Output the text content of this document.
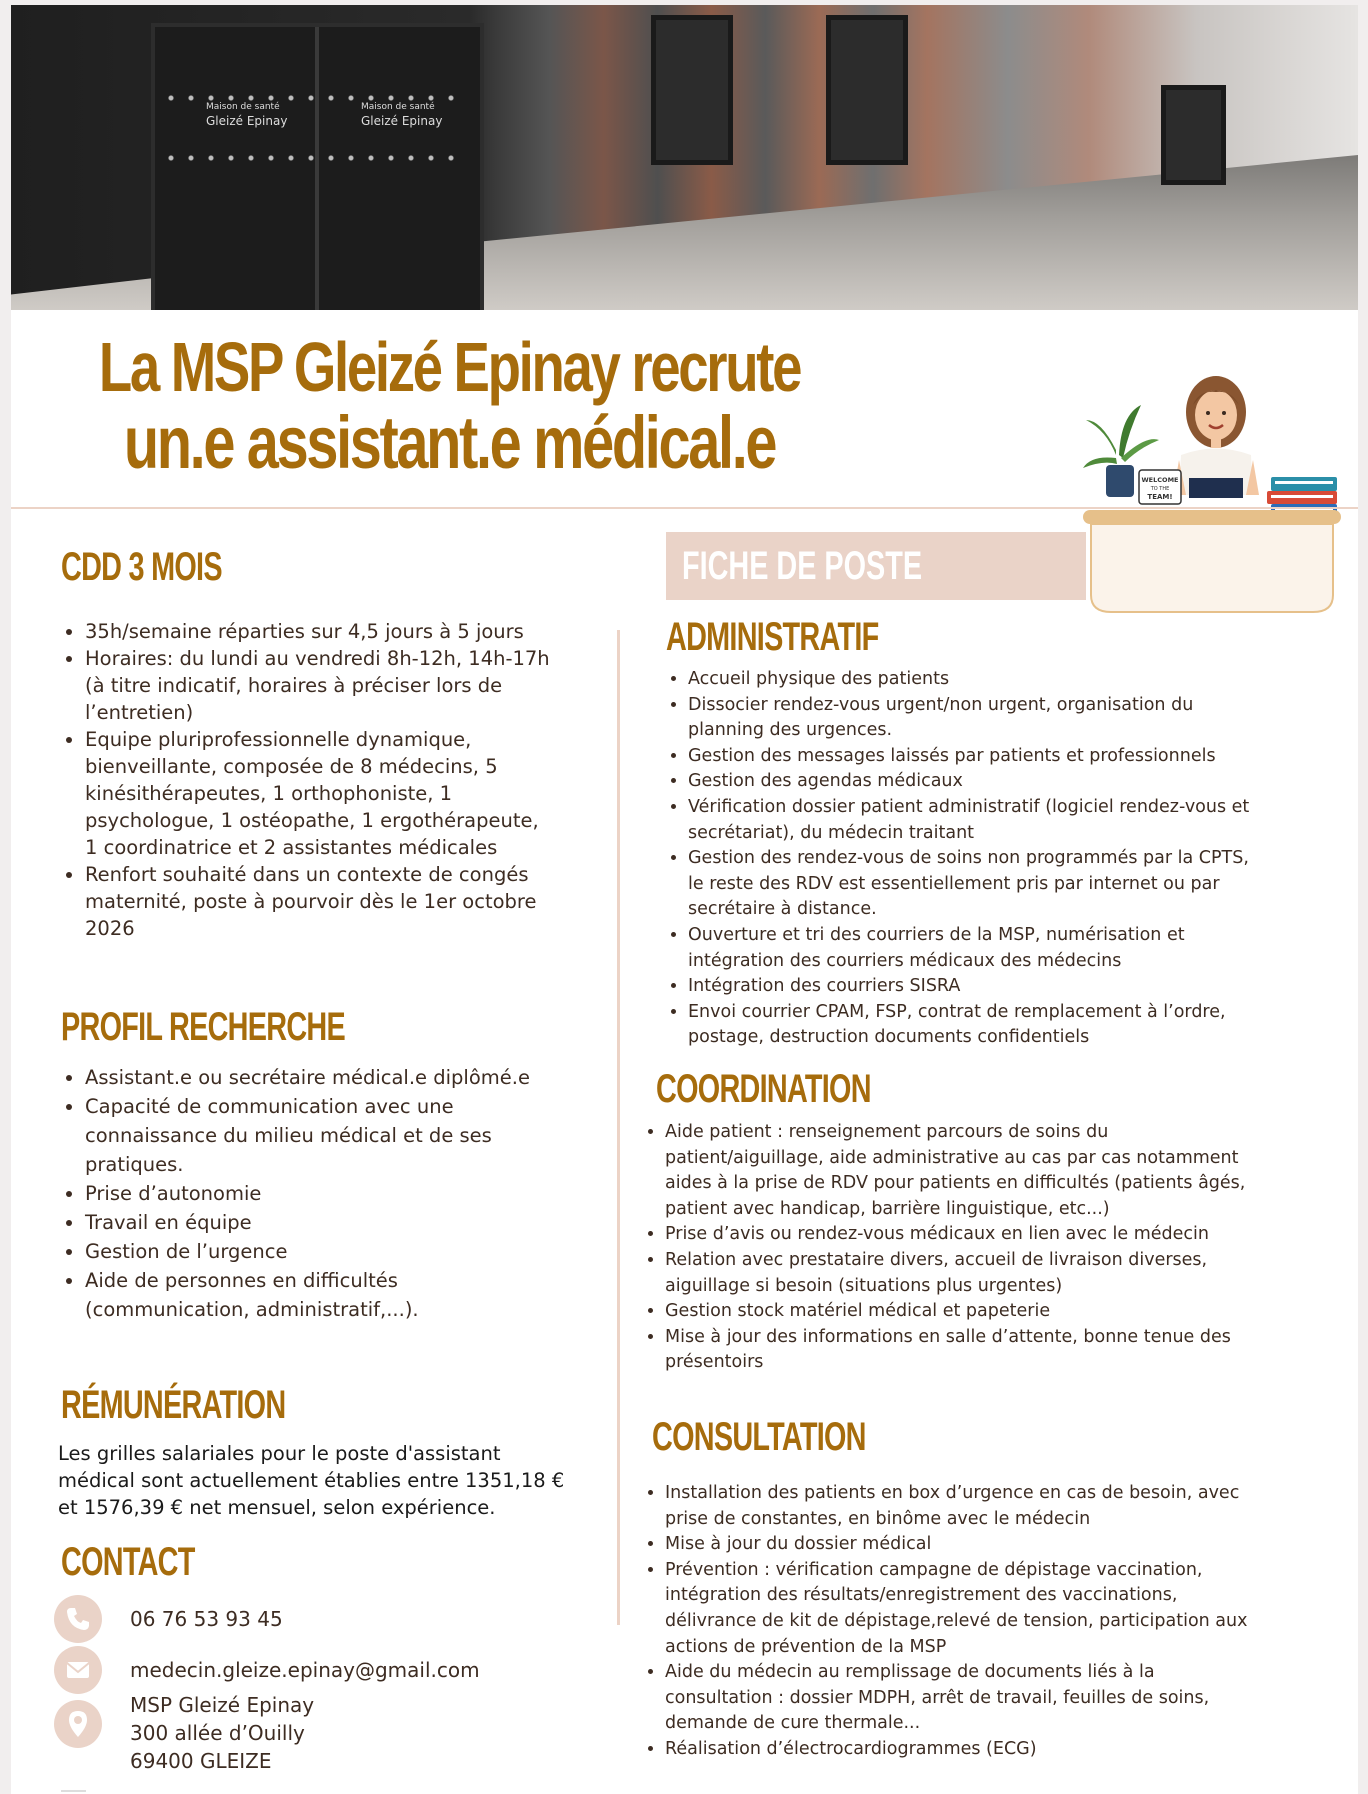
Maison de santé
Gleizé Epinay
Maison de santé
Gleizé Epinay
La MSP Gleizé Epinay recrute
un.e assistant.e médical.e	WELCOME
TO THE
TEAM!
CDD 3 MOIS
• 35h/semaine réparties sur 4,5 jours à 5 jours
• Horaires: du lundi au vendredi 8h-12h, 14h-17h (à titre indicatif, horaires à préciser lors de l’entretien)
• Equipe pluriprofessionnelle dynamique, bienveillante, composée de 8 médecins, 5 kinésithérapeutes, 1 orthophoniste, 1 psychologue, 1 ostéopathe, 1 ergothérapeute, 1 coordinatrice et 2 assistantes médicales
• Renfort souhaité dans un contexte de congés maternité, poste à pourvoir dès le 1er octobre 2026
PROFIL RECHERCHE
• Assistant.e ou secrétaire médical.e diplômé.e
• Capacité de communication avec une connaissance du milieu médical et de ses pratiques.
• Prise d’autonomie
• Travail en équipe
• Gestion de l’urgence
• Aide de personnes en difficultés (communication, administratif,...).
RÉMUNÉRATION
Les grilles salariales pour le poste d'assistant médical sont actuellement établies entre 1351,18 € et 1576,39 € net mensuel, selon expérience.
CONTACT
06 76 53 93 45
medecin.gleize.epinay@gmail.com
MSP Gleizé Epinay
300 allée d’Ouilly
69400 GLEIZE
FICHE DE POSTE
ADMINISTRATIF
• Accueil physique des patients
• Dissocier rendez-vous urgent/non urgent, organisation du planning des urgences.
• Gestion des messages laissés par patients et professionnels
• Gestion des agendas médicaux
• Vérification dossier patient administratif (logiciel rendez-vous et secrétariat), du médecin traitant
• Gestion des rendez-vous de soins non programmés par la CPTS, le reste des RDV est essentiellement pris par internet ou par secrétaire à distance.
• Ouverture et tri des courriers de la MSP, numérisation et intégration des courriers médicaux des médecins
• Intégration des courriers SISRA
• Envoi courrier CPAM, FSP, contrat de remplacement à l’ordre, postage, destruction documents confidentiels
COORDINATION
• Aide patient : renseignement parcours de soins du patient/aiguillage, aide administrative au cas par cas notamment aides à la prise de RDV pour patients en difficultés (patients âgés, patient avec handicap, barrière linguistique, etc...)
• Prise d’avis ou rendez-vous médicaux en lien avec le médecin
• Relation avec prestataire divers, accueil de livraison diverses, aiguillage si besoin (situations plus urgentes)
• Gestion stock matériel médical et papeterie
• Mise à jour des informations en salle d’attente, bonne tenue des présentoirs
CONSULTATION
• Installation des patients en box d’urgence en cas de besoin, avec prise de constantes, en binôme avec le médecin
• Mise à jour du dossier médical
• Prévention : vérification campagne de dépistage vaccination, intégration des résultats/enregistrement des vaccinations, délivrance de kit de dépistage,relevé de tension, participation aux actions de prévention de la MSP
• Aide du médecin au remplissage de documents liés à la consultation : dossier MDPH, arrêt de travail, feuilles de soins, demande de cure thermale...
• Réalisation d’électrocardiogrammes (ECG)
